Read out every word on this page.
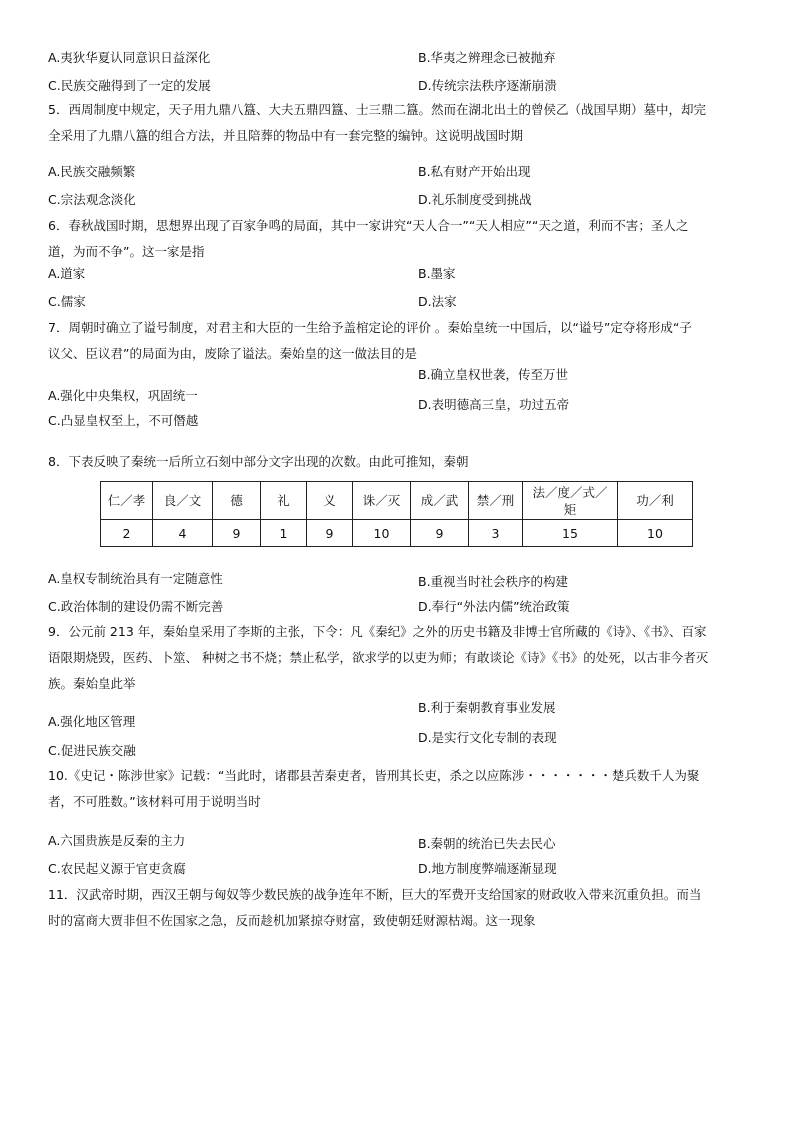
A.夷狄华夏认同意识日益深化	B.华夷之辨理念已被抛弃
C.民族交融得到了一定的发展	D.传统宗法秩序逐渐崩溃
5．西周制度中规定，天子用九鼎八簋、大夫五鼎四簋、士三鼎二簋。然而在湖北出土的曾侯乙（战国早期）墓中，却完
全采用了九鼎八簋的组合方法，并且陪葬的物品中有一套完整的编钟。这说明战国时期
A.民族交融频繁	B.私有财产开始出现
C.宗法观念淡化	D.礼乐制度受到挑战
6．春秋战国时期，思想界出现了百家争鸣的局面，其中一家讲究“天人合一”“天人相应”“天之道，利而不害；圣人之
道，为而不争”。这一家是指
A.道家	B.墨家
C.儒家	D.法家
7．周朝时确立了谥号制度，对君主和大臣的一生给予盖棺定论的评价 。秦始皇统一中国后，以“谥号”定夺将形成“子
议父、臣议君”的局面为由，废除了谥法。秦始皇的这一做法目的是
B.确立皇权世袭，传至万世
A.强化中央集权，巩固统一
D.表明德高三皇，功过五帝
C.凸显皇权至上，不可僭越
8．下表反映了秦统一后所立石刻中部分文字出现的次数。由此可推知，秦朝
仁／孝	良／文	德	礼	义	诛／灭	成／武	禁／刑	法／度／式／矩	功／利
2	4	9	1	9	10	9	3	15	10
A.皇权专制统治具有一定随意性	B.重视当时社会秩序的构建
C.政治体制的建设仍需不断完善	D.奉行“外法内儒”统治政策
9．公元前 213 年，秦始皇采用了李斯的主张，下令：凡《秦纪》之外的历史书籍及非博士官所藏的《诗》、《书》、百家
语限期烧毁，医药、卜筮、 种树之书不烧；禁止私学，欲求学的以吏为师；有敢谈论《诗》《书》的处死，以古非今者灭
族。秦始皇此举
B.利于秦朝教育事业发展
A.强化地区管理
D.是实行文化专制的表现
C.促进民族交融
10.《史记・陈涉世家》记载：“当此时，诸郡县苦秦吏者，皆刑其长吏，杀之以应陈涉・・・・・・・楚兵数千人为聚
者，不可胜数。”该材料可用于说明当时
A.六国贵族是反秦的主力	B.秦朝的统治已失去民心
C.农民起义源于官吏贪腐	D.地方制度弊端逐渐显现
11．汉武帝时期，西汉王朝与匈奴等少数民族的战争连年不断，巨大的军费开支给国家的财政收入带来沉重负担。而当
时的富商大贾非但不佐国家之急，反而趁机加紧掠夺财富，致使朝廷财源枯竭。这一现象
